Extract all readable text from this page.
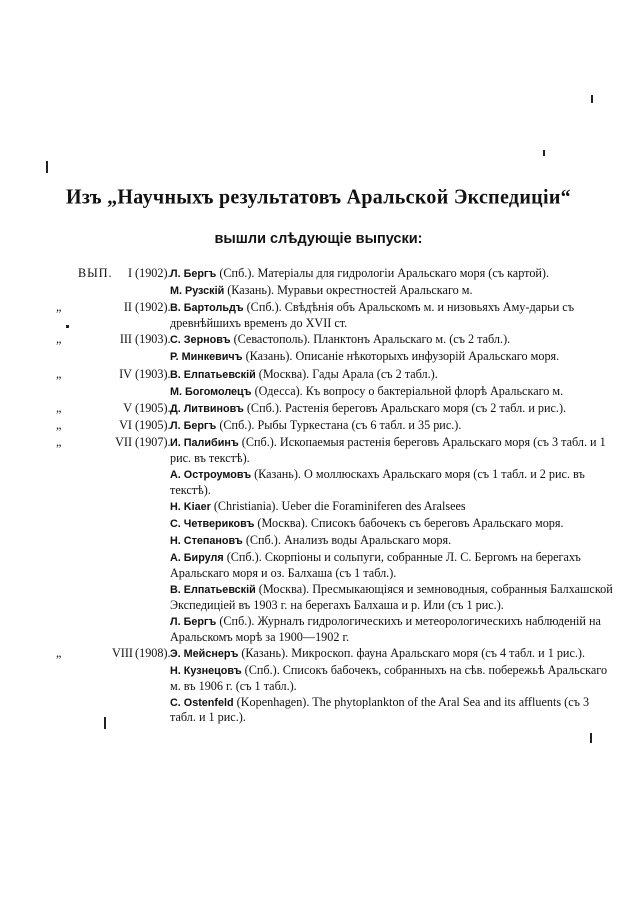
Изъ „Научныхъ результатовъ Аральской Экспедиціи“
вышли слѣдующіе выпуски:
ВЫП. I (1902). Л. Бергъ (Спб.). Матеріалы для гидрологіи Аральскаго моря (съ картой).

М. Рузскій (Казань). Муравьи окрестностей Аральскаго м.
„	II (1902). В. Бартольдъ (Спб.). Свѣдѣнія объ Аральскомъ м. и низовьяхъ Аму-дарьи съ древнѣйшихъ временъ до XVII ст.
„	III (1903). С. Зерновъ (Севастополь). Планктонъ Аральскаго м. (съ 2 табл.).

Р. Минкевичъ (Казань). Описаніе нѣкоторыхъ инфузорій Аральскаго моря.
„	IV (1903). В. Елпатьевскій (Москва). Гады Арала (съ 2 табл.).

М. Богомолецъ (Одесса). Къ вопросу о бактеріальной флорѣ Аральскаго м.
„	V (1905). Д. Литвиновъ (Спб.). Растенія береговъ Аральскаго моря (съ 2 табл. и рис.).
„	VI (1905). Л. Бергъ (Спб.). Рыбы Туркестана (съ 6 табл. и 35 рис.).
„	VII (1907). И. Палибинъ (Спб.). Ископаемыя растенія береговъ Аральскаго моря (съ 3 табл. и 1 рис. въ текстѣ).

А. Остроумовъ (Казань). О моллюскахъ Аральскаго моря (съ 1 табл. и 2 рис. въ текстѣ).

Н. Kiaer (Christiania). Ueber die Foraminiferen des Aralsees

С. Четвериковъ (Москва). Списокъ бабочекъ съ береговъ Аральскаго моря.

Н. Степановъ (Спб.). Анализъ воды Аральскаго моря.

А. Бируля (Спб.). Скорпіоны и сольпуги, собранные Л. С. Бергомъ на берегахъ Аральскаго моря и оз. Балхаша (съ 1 табл.).

В. Елпатьевскій (Москва). Пресмыкающіяся и земноводныя, собранныя Балхашской Экспедиціей въ 1903 г. на берегахъ Балхаша и р. Или (съ 1 рис.).

Л. Бергъ (Спб.). Журналъ гидрологическихъ и метеорологическихъ наблюденій на Аральскомъ морѣ за 1900—1902 г.
„	VIII (1908). Э. Мейснеръ (Казань). Микроскоп. фауна Аральскаго моря (съ 4 табл. и 1 рис.).

Н. Кузнецовъ (Спб.). Списокъ бабочекъ, собранныхъ на сѣв. побережьѣ Аральскаго м. въ 1906 г. (съ 1 табл.).

C. Ostenfeld (Kopenhagen). The phytoplankton of the Aral Sea and its affluents (съ 3 табл. и 1 рис.).
